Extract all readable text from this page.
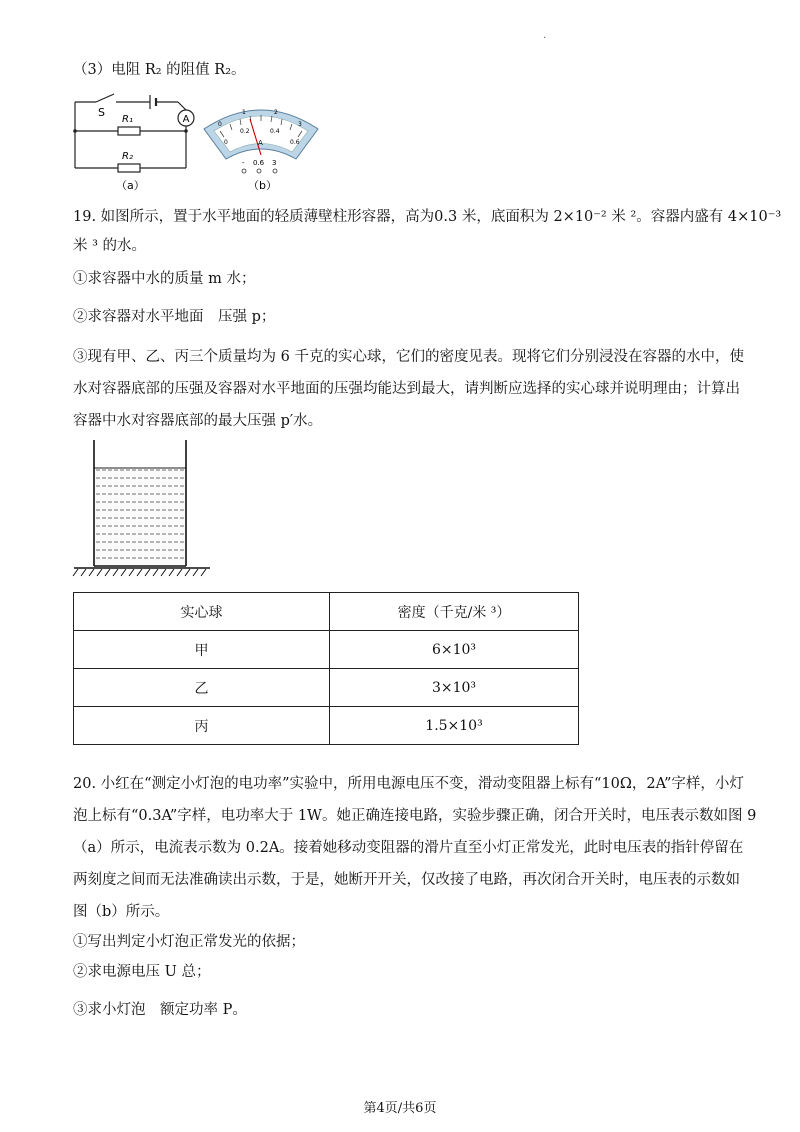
.
（3）电阻 R₂ 的阻值 R₂。
A
S
R₁
R₂
（a）
0
1	2
3
0
0.2	0.4
0.6
A
- 0.6 3
（b）
19. 如图所示，置于水平地面的轻质薄壁柱形容器，高为0.3 米，底面积为 2×10⁻² 米 ²。容器内盛有 4×10⁻³
米 ³ 的水。
①求容器中水的质量 m 水；
②求容器对水平地面　压强 p；
③现有甲、乙、丙三个质量均为 6 千克的实心球，它们的密度见表。现将它们分别浸没在容器的水中，使
水对容器底部的压强及容器对水平地面的压强均能达到最大，请判断应选择的实心球并说明理由；计算出
容器中水对容器底部的最大压强 p′水。
实心球	密度（千克/米 ³）
甲	6×10³
乙	3×10³
丙	1.5×10³
20. 小红在“测定小灯泡的电功率”实验中，所用电源电压不变，滑动变阻器上标有“10Ω，2A”字样，小灯
泡上标有“0.3A”字样，电功率大于 1W。她正确连接电路，实验步骤正确，闭合开关时，电压表示数如图 9
（a）所示，电流表示数为 0.2A。接着她移动变阻器的滑片直至小灯正常发光，此时电压表的指针停留在
两刻度之间而无法准确读出示数，于是，她断开开关，仅改接了电路，再次闭合开关时，电压表的示数如
图（b）所示。
①写出判定小灯泡正常发光的依据；
②求电源电压 U 总；
③求小灯泡　额定功率 P。
第4页/共6页
